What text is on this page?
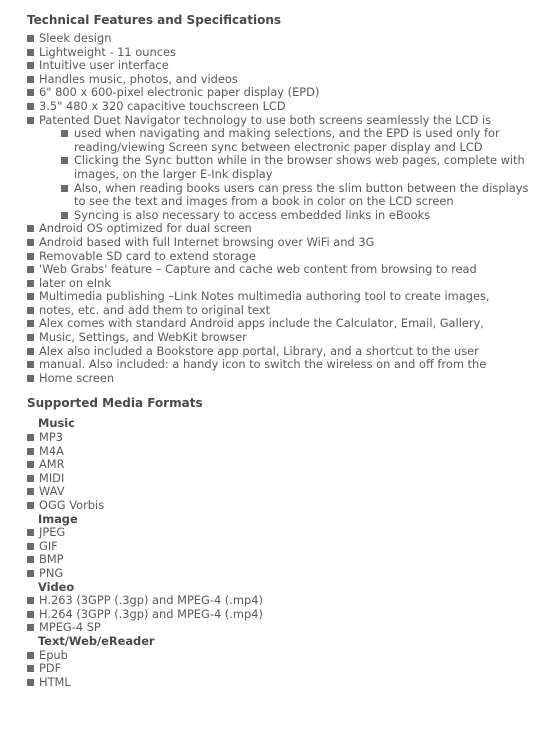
Technical Features and Specifications
Sleek design
Lightweight - 11 ounces
Intuitive user interface
Handles music, photos, and videos
6" 800 x 600-pixel electronic paper display (EPD)
3.5" 480 x 320 capacitive touchscreen LCD
Patented Duet Navigator technology to use both screens seamlessly the LCD is
used when navigating and making selections, and the EPD is used only for reading/viewing Screen sync between electronic paper display and LCD
Clicking the Sync button while in the browser shows web pages, complete with images, on the larger E-Ink display
Also, when reading books users can press the slim button between the displays to see the text and images from a book in color on the LCD screen
Syncing is also necessary to access embedded links in eBooks
Android OS optimized for dual screen
Android based with full Internet browsing over WiFi and 3G
Removable SD card to extend storage
'Web Grabs' feature – Capture and cache web content from browsing to read
later on eInk
Multimedia publishing –Link Notes multimedia authoring tool to create images,
notes, etc. and add them to original text
Alex comes with standard Android apps include the Calculator, Email, Gallery,
Music, Settings, and WebKit browser
Alex also included a Bookstore app portal, Library, and a shortcut to the user
manual. Also included: a handy icon to switch the wireless on and off from the
Home screen
Supported Media Formats
Music
MP3
M4A
AMR
MIDI
WAV
OGG Vorbis
Image
JPEG
GIF
BMP
PNG
Video
H.263 (3GPP (.3gp) and MPEG-4 (.mp4)
H.264 (3GPP (.3gp) and MPEG-4 (.mp4)
MPEG-4 SP
Text/Web/eReader
Epub
PDF
HTML
